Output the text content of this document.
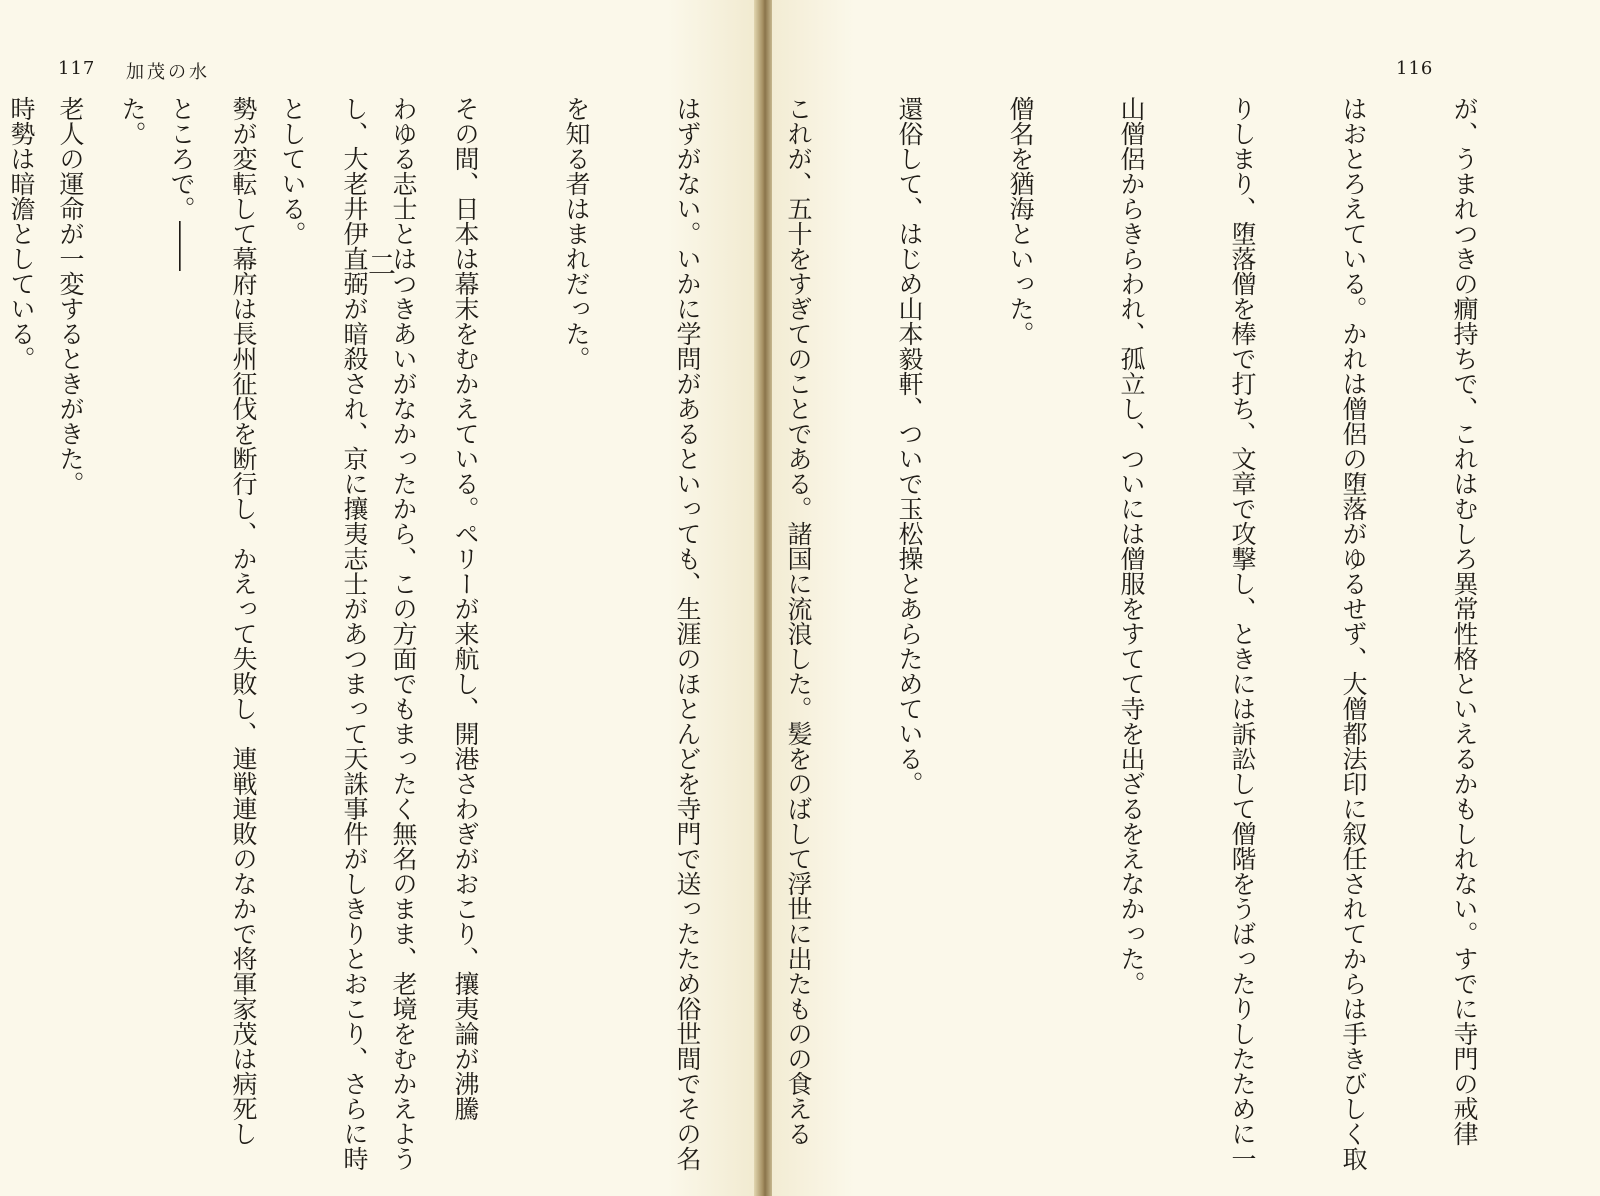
117 加茂の水

わゆる志士とはつきあいがなかったから、この方面でもまったく無名のまま、老境をむかえよう

としている。

ところで。――

老人の運命が一変するときがきた。

	二
116

が、うまれつきの癇持ちで、これはむしろ異常性格といえるかもしれない。すでに寺門の戒律

はおとろえている。かれは僧侶の堕落がゆるせず、大僧都法印に叙任されてからは手きびしく取

りしまり、堕落僧を棒で打ち、文章で攻撃し、ときには訴訟して僧階をうばったりしたために一

山僧侶からきらわれ、孤立し、ついには僧服をすてて寺を出ざるをえなかった。

僧名を猶海といった。

還俗して、はじめ山本毅軒、ついで玉松操とあらためている。

これが、五十をすぎてのことである。諸国に流浪した。髪をのばして浮世に出たものの食える

はずがない。いかに学問があるといっても、生涯のほとんどを寺門で送ったため俗世間でその名

を知る者はまれだった。

その間、日本は幕末をむかえている。ペリーが来航し、開港さわぎがおこり、攘夷論が沸騰

し、大老井伊直弼が暗殺され、京に攘夷志士があつまって天誅事件がしきりとおこり、さらに時

勢が変転して幕府は長州征伐を断行し、かえって失敗し、連戦連敗のなかで将軍家茂は病死し

た。

時勢は暗澹としている。
